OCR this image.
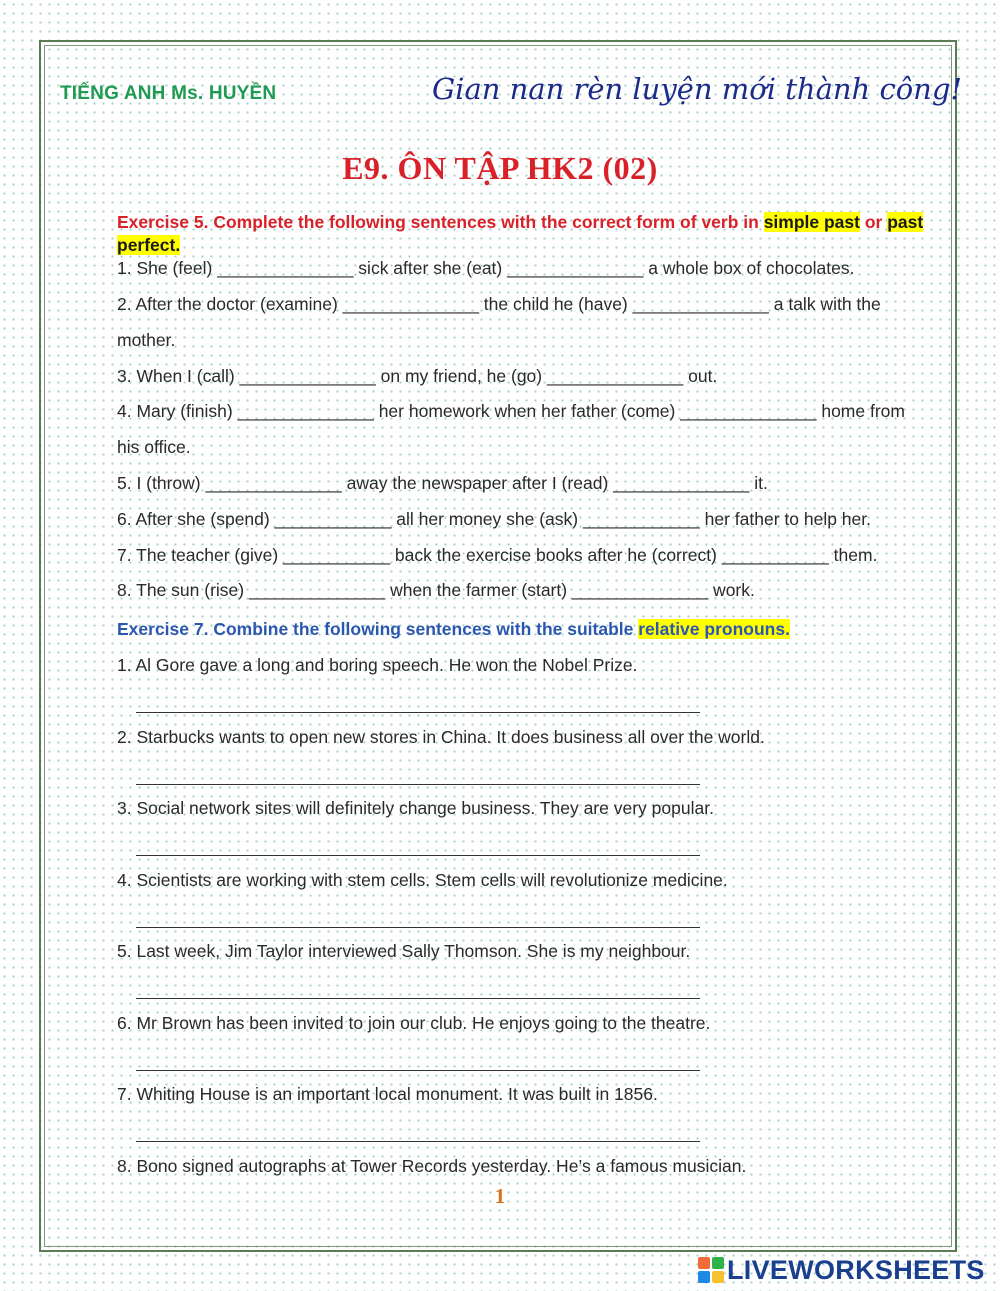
TIẾNG ANH Ms. HUYỀN	Gian nan rèn luyện mới thành công!
E9. ÔN TẬP HK2 (02)
Exercise 5. Complete the following sentences with the correct form of verb in simple past or past perfect.
1. She (feel) ______________ sick after she (eat) ______________ a whole box of chocolates.
2. After the doctor (examine) ______________ the child he (have) ______________ a talk with the
mother.
3. When I (call) ______________ on my friend, he (go) ______________ out.
4. Mary (finish) ______________ her homework when her father (come) ______________ home from
his office.
5. I (throw) ______________ away the newspaper after I (read) ______________ it.
6. After she (spend) ____________ all her money she (ask) ____________ her father to help her.
7. The teacher (give) ___________ back the exercise books after he (correct) ___________ them.
8. The sun (rise) ______________ when the farmer (start) ______________ work.
Exercise 7. Combine the following sentences with the suitable relative pronouns.
1. Al Gore gave a long and boring speech. He won the Nobel Prize.
2. Starbucks wants to open new stores in China. It does business all over the world.
3. Social network sites will definitely change business. They are very popular.
4. Scientists are working with stem cells. Stem cells will revolutionize medicine.
5. Last week, Jim Taylor interviewed Sally Thomson. She is my neighbour.
6. Mr Brown has been invited to join our club. He enjoys going to the theatre.
7. Whiting House is an important local monument. It was built in 1856.
8. Bono signed autographs at Tower Records yesterday. He’s a famous musician.
1
LIVEWORKSHEETS
